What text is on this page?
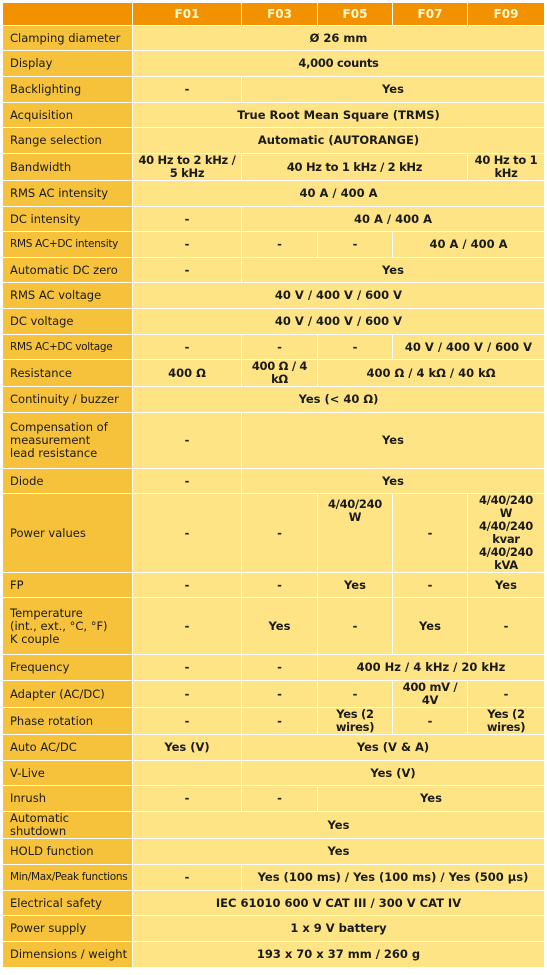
	F01	F03	F05	F07	F09

Clamping diameter	Ø 26 mm				

Display	4,000 counts				

Backlighting	-	Yes			

Acquisition	True Root Mean Square (TRMS)				

Range selection	Automatic (AUTORANGE)				

Bandwidth	40 Hz to 2 kHz / 5 kHz	40 Hz to 1 kHz / 2 kHz			40 Hz to 1 kHz

RMS AC intensity	40 A / 400 A				

DC intensity	-	40 A / 400 A			

RMS AC+DC intensity	-	-	-	40 A / 400 A	

Automatic DC zero	-	Yes			

RMS AC voltage	40 V / 400 V / 600 V				

DC voltage	40 V / 400 V / 600 V				

RMS AC+DC voltage	-	-	-	40 V / 400 V / 600 V	

Resistance	400 Ω	400 Ω / 4 kΩ	400 Ω / 4 kΩ / 40 kΩ		

Continuity / buzzer	Yes (< 40 Ω)				

Compensation of
measurement
lead resistance	-	Yes			

Diode	-	Yes			

Power values	-	-	4/40/240 W	-	4/40/240 W
4/40/240 kvar
4/40/240 kVA

FP	-	-	Yes	-	Yes

Temperature
(int., ext., °C, °F)
K couple	-	Yes	-	Yes	-

Frequency	-	-	400 Hz / 4 kHz / 20 kHz		

Adapter (AC/DC)	-	-	-	400 mV / 4V	-

Phase rotation	-	-	Yes (2 wires)	-	Yes (2 wires)

Auto AC/DC	Yes (V)	Yes (V & A)			

V-Live		Yes (V)			

Inrush	-	-	Yes		

Automatic shutdown	Yes				

HOLD function	Yes				

Min/Max/Peak functions	-	Yes (100 ms) / Yes (100 ms) / Yes (500 µs)			

Electrical safety	IEC 61010 600 V CAT III / 300 V CAT IV				

Power supply	1 x 9 V battery				

Dimensions / weight	193 x 70 x 37 mm / 260 g				
